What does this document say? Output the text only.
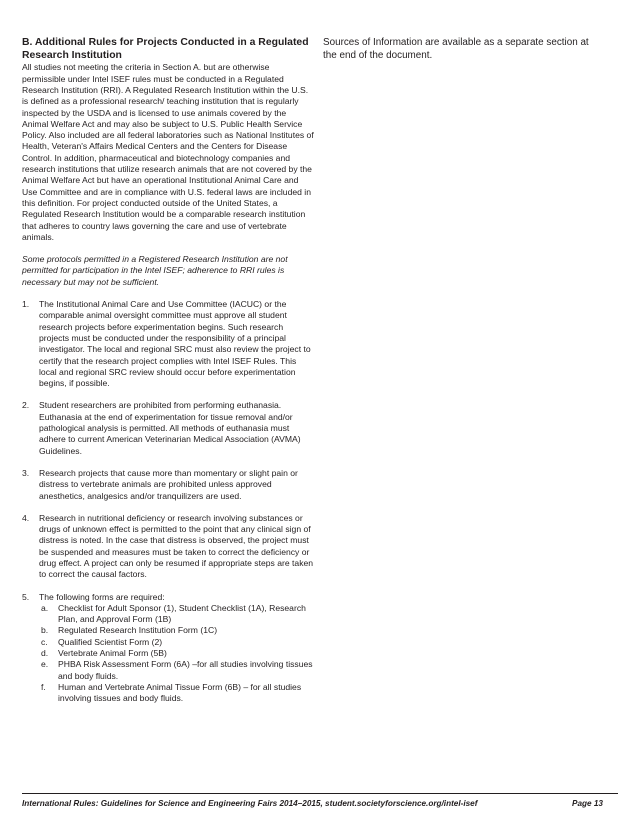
B. Additional Rules for Projects Conducted in a Regulated Research Institution

All studies not meeting the criteria in Section A. but are otherwise permissible under Intel ISEF rules must be conducted in a Regulated Research Institution (RRI). A Regulated Research Institution within the U.S. is defined as a professional research/ teaching institution that is regularly inspected by the USDA and is licensed to use animals covered by the Animal Welfare Act and may also be subject to U.S. Public Health Service Policy. Also included are all federal laboratories such as National Institutes of Health, Veteran's Affairs Medical Centers and the Centers for Disease Control. In addition, pharmaceutical and biotechnology companies and research institutions that utilize research animals that are not covered by the Animal Welfare Act but have an operational Institutional Animal Care and Use Committee and are in compliance with U.S. federal laws are included in this definition. For project conducted outside of the United States, a Regulated Research Institution would be a comparable research institution that adheres to country laws governing the care and use of vertebrate animals.

Some protocols permitted in a Registered Research Institution are not permitted for participation in the Intel ISEF; adherence to RRI rules is necessary but may not be sufficient.

1. The Institutional Animal Care and Use Committee (IACUC) or the comparable animal oversight committee must approve all student research projects before experimentation begins. Such research projects must be conducted under the responsibility of a principal investigator. The local and regional SRC must also review the project to certify that the research project complies with Intel ISEF Rules. This local and regional SRC review should occur before experimentation begins, if possible.
2. Student researchers are prohibited from performing euthanasia. Euthanasia at the end of experimentation for tissue removal and/or pathological analysis is permitted. All methods of euthanasia must adhere to current American Veterinarian Medical Association (AVMA) Guidelines.
3. Research projects that cause more than momentary or slight pain or distress to vertebrate animals are prohibited unless approved anesthetics, analgesics and/or tranquilizers are used.
4. Research in nutritional deficiency or research involving substances or drugs of unknown effect is permitted to the point that any clinical sign of distress is noted. In the case that distress is observed, the project must be suspended and measures must be taken to correct the deficiency or drug effect. A project can only be resumed if appropriate steps are taken to correct the causal factors.
5. The following forms are required:
a. Checklist for Adult Sponsor (1), Student Checklist (1A), Research Plan, and Approval Form (1B)
b. Regulated Research Institution Form (1C)
c. Qualified Scientist Form (2)
d. Vertebrate Animal Form (5B)
e. PHBA Risk Assessment Form (6A) –for all studies involving tissues and body fluids.
f. Human and Vertebrate Animal Tissue Form (6B) – for all studies involving tissues and body fluids.

Sources of Information are available as a separate section at the end of the document.

International Rules: Guidelines for Science and Engineering Fairs 2014–2015, student.societyforscience.org/intel-isef	Page 13
